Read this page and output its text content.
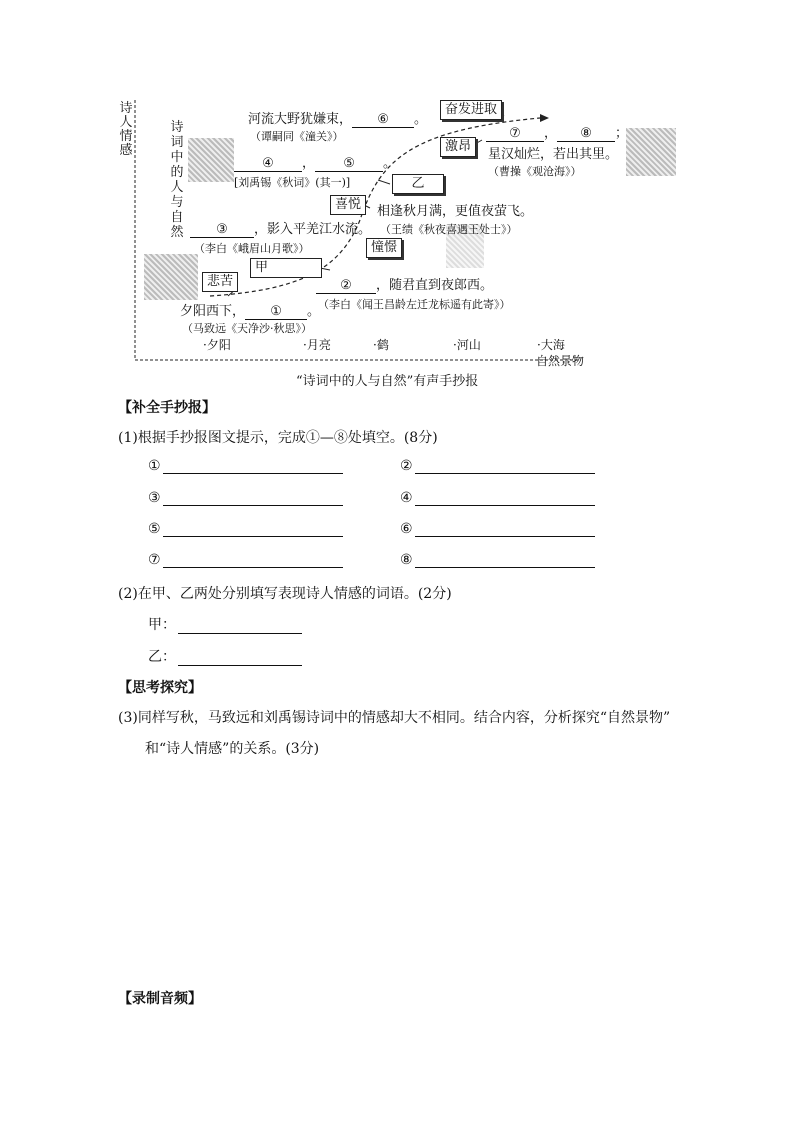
诗人情感
诗词中的人与自然
自然景物
·夕阳	·月亮	·鹤	·河山	·大海
悲苦
甲
喜悦
憧憬
乙
激昂
奋发进取
河流大野犹嫌束， ⑥ 。
（谭嗣同《潼关》）	⑦ ， ⑧ ；
星汉灿烂，若出其里。
（曹操《观沧海》）
④ ， ⑤ 。
[刘禹锡《秋词》(其一)]
相逢秋月满，更值夜萤飞。
（王绩《秋夜喜遇王处士》）
③ ，影入平羌江水流。
（李白《峨眉山月歌》）
② ，随君直到夜郎西。
（李白《闻王昌龄左迁龙标遥有此寄》）
夕阳西下， ① 。
（马致远《天净沙·秋思》）
“诗词中的人与自然”有声手抄报
【补全手抄报】
(1)根据手抄报图文提示，完成①—⑧处填空。(8分)
①	②
③	④
⑤	⑥
⑦	⑧
(2)在甲、乙两处分别填写表现诗人情感的词语。(2分)
甲：
乙：
【思考探究】
(3)同样写秋，马致远和刘禹锡诗词中的情感却大不相同。结合内容，分析探究“自然景物”
和“诗人情感”的关系。(3分)
【录制音频】
